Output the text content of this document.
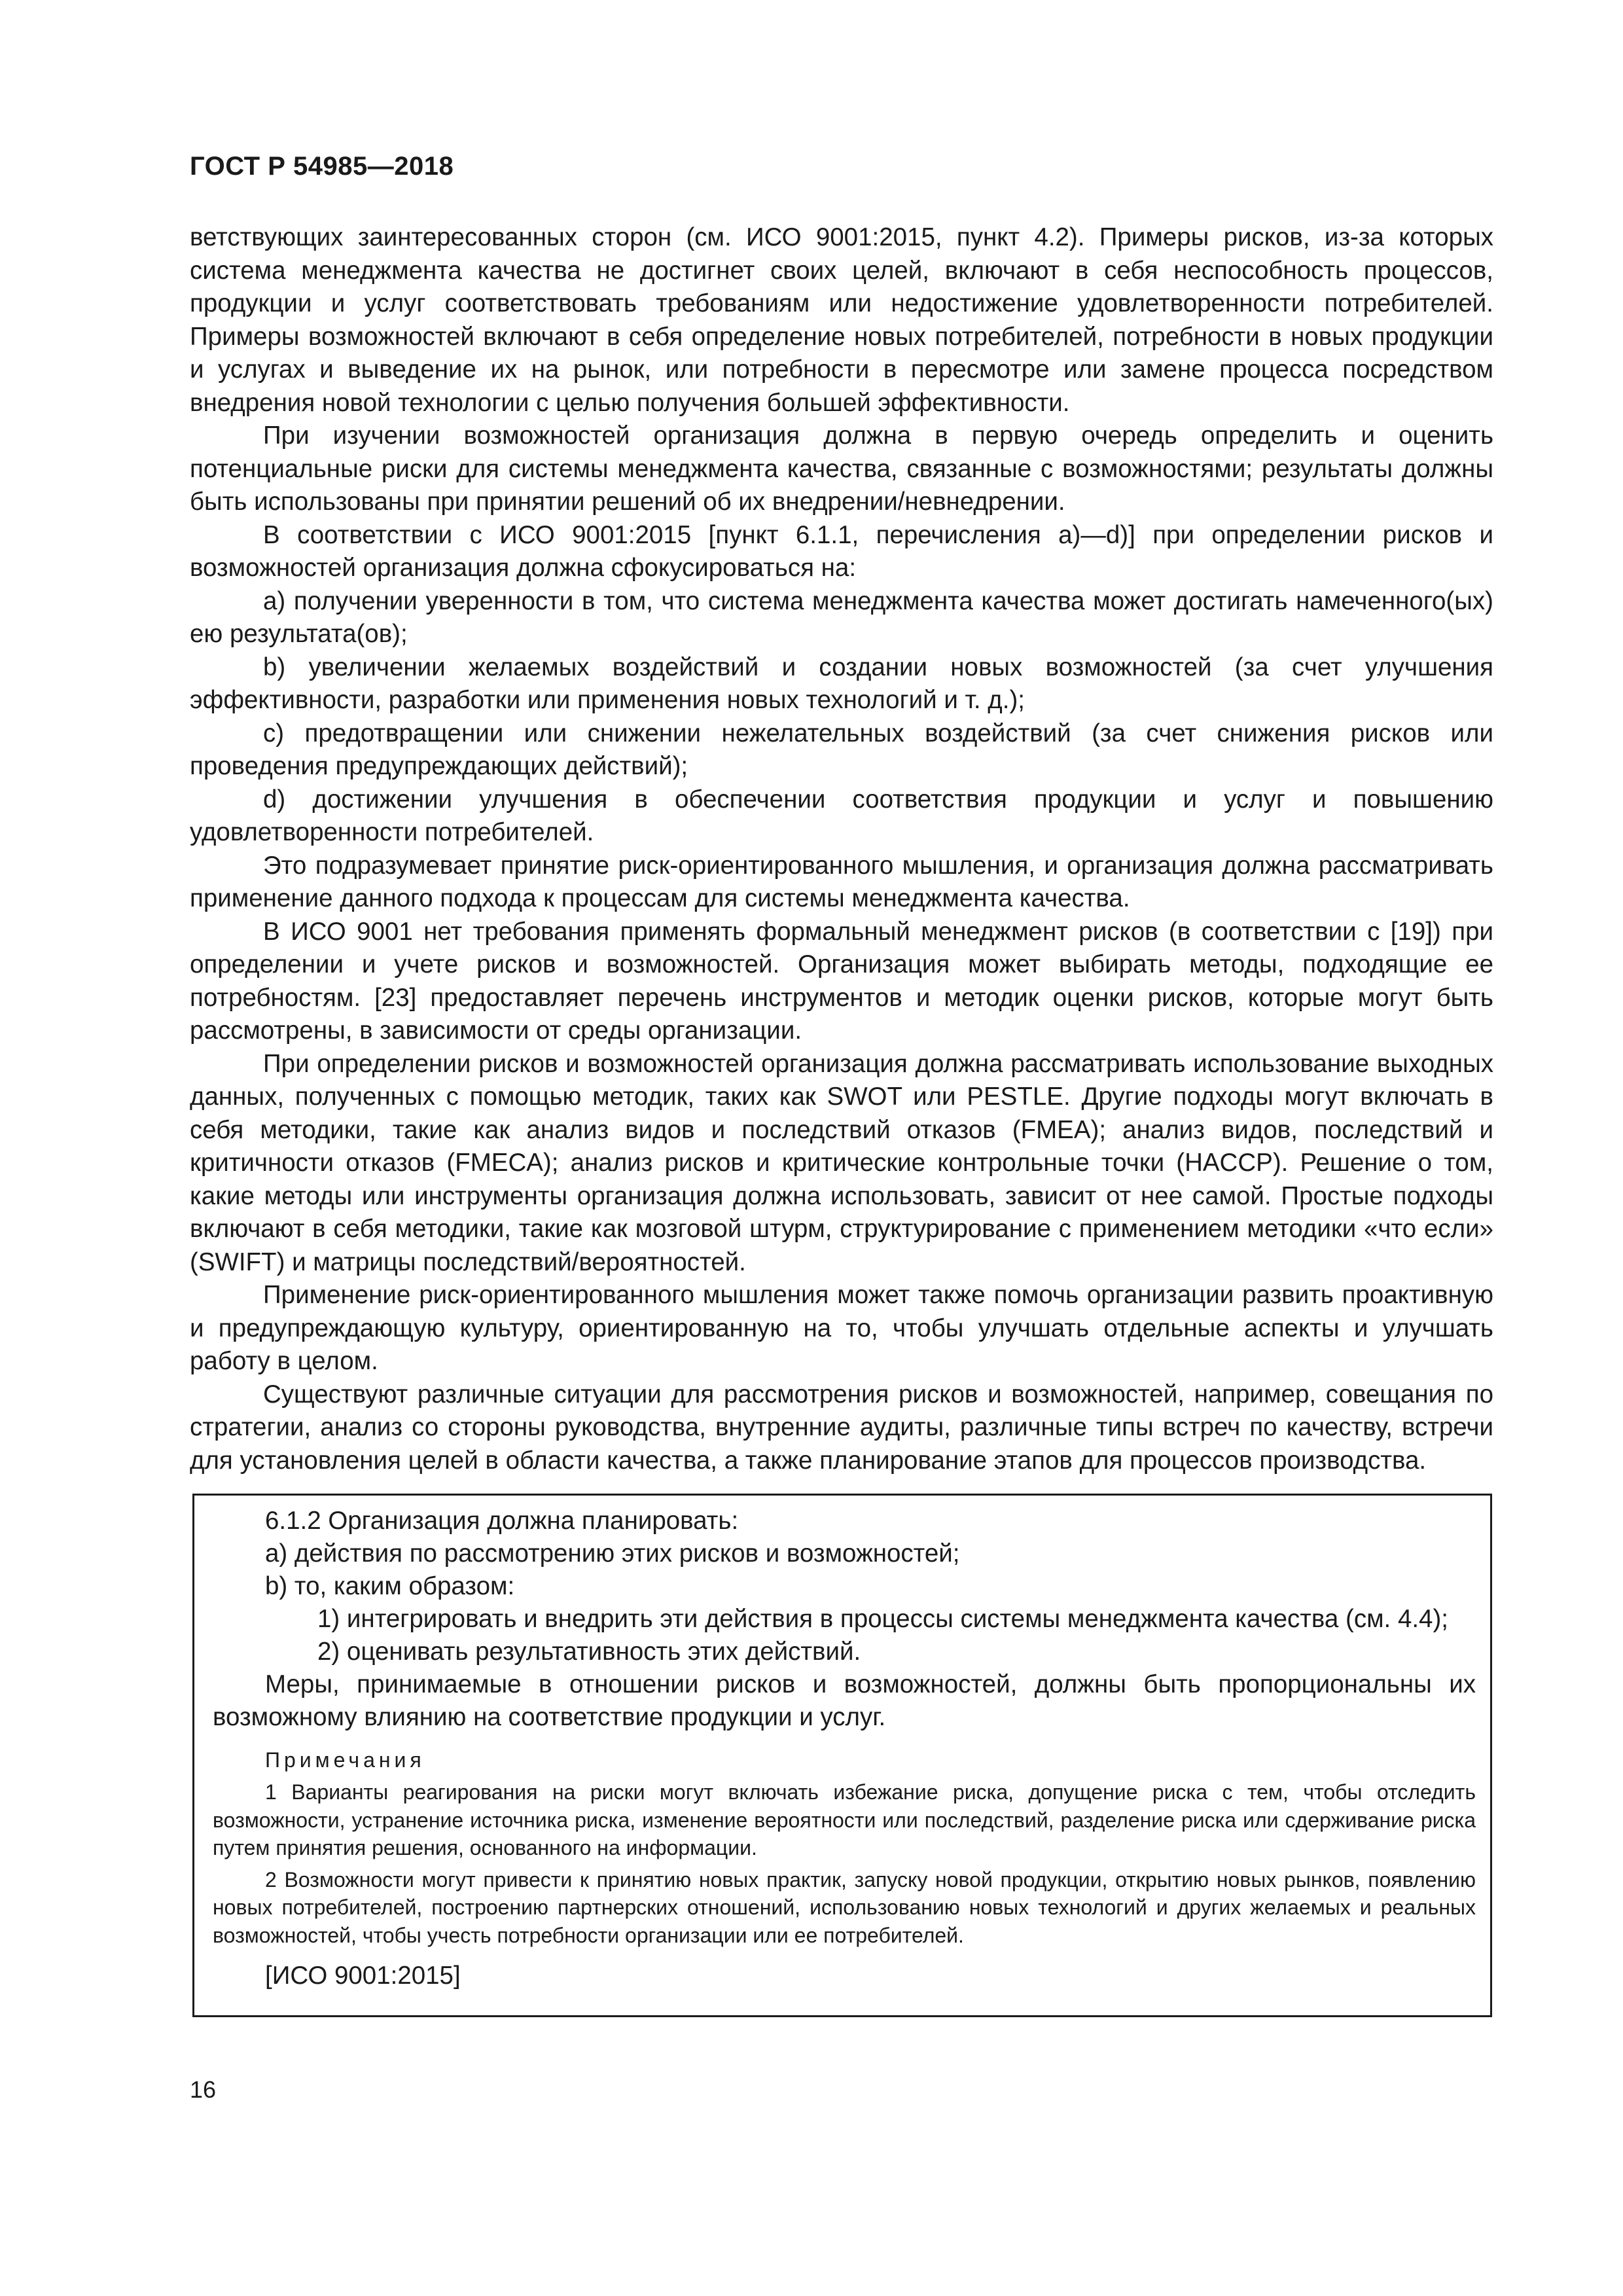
ГОСТ Р 54985—2018

ветствующих заинтересованных сторон (см. ИСО 9001:2015, пункт 4.2). Примеры рисков, из-за которых система менеджмента качества не достигнет своих целей, включают в себя неспособность процессов, продукции и услуг соответствовать требованиям или недостижение удовлетворенности потребителей. Примеры возможностей включают в себя определение новых потребителей, потребности в новых продукции и услугах и выведение их на рынок, или потребности в пересмотре или замене процесса посредством внедрения новой технологии с целью получения большей эффективности.

При изучении возможностей организация должна в первую очередь определить и оценить потенциальные риски для системы менеджмента качества, связанные с возможностями; результаты должны быть использованы при принятии решений об их внедрении/невнедрении.

В соответствии с ИСО 9001:2015 [пункт 6.1.1, перечисления а)—d)] при определении рисков и возможностей организация должна сфокусироваться на:

a) получении уверенности в том, что система менеджмента качества может достигать намеченного(ых) ею результата(ов);

b) увеличении желаемых воздействий и создании новых возможностей (за счет улучшения эффективности, разработки или применения новых технологий и т. д.);

c) предотвращении или снижении нежелательных воздействий (за счет снижения рисков или проведения предупреждающих действий);

d) достижении улучшения в обеспечении соответствия продукции и услуг и повышению удовлетворенности потребителей.

Это подразумевает принятие риск-ориентированного мышления, и организация должна рассматривать применение данного подхода к процессам для системы менеджмента качества.

В ИСО 9001 нет требования применять формальный менеджмент рисков (в соответствии с [19]) при определении и учете рисков и возможностей. Организация может выбирать методы, подходящие ее потребностям. [23] предоставляет перечень инструментов и методик оценки рисков, которые могут быть рассмотрены, в зависимости от среды организации.

При определении рисков и возможностей организация должна рассматривать использование выходных данных, полученных с помощью методик, таких как SWOT или PESTLE. Другие подходы могут включать в себя методики, такие как анализ видов и последствий отказов (FMEA); анализ видов, последствий и критичности отказов (FMECA); анализ рисков и критические контрольные точки (HACCP). Решение о том, какие методы или инструменты организация должна использовать, зависит от нее самой. Простые подходы включают в себя методики, такие как мозговой штурм, структурирование с применением методики «что если» (SWIFT) и матрицы последствий/вероятностей.

Применение риск-ориентированного мышления может также помочь организации развить проактивную и предупреждающую культуру, ориентированную на то, чтобы улучшать отдельные аспекты и улучшать работу в целом.

Существуют различные ситуации для рассмотрения рисков и возможностей, например, совещания по стратегии, анализ со стороны руководства, внутренние аудиты, различные типы встреч по качеству, встречи для установления целей в области качества, а также планирование этапов для процессов производства.

6.1.2 Организация должна планировать:

a) действия по рассмотрению этих рисков и возможностей;

b) то, каким образом:

1) интегрировать и внедрить эти действия в процессы системы менеджмента качества (см. 4.4);

2) оценивать результативность этих действий.

Меры, принимаемые в отношении рисков и возможностей, должны быть пропорциональны их возможному влиянию на соответствие продукции и услуг.

Примечания

1 Варианты реагирования на риски могут включать избежание риска, допущение риска с тем, чтобы отследить возможности, устранение источника риска, изменение вероятности или последствий, разделение риска или сдерживание риска путем принятия решения, основанного на информации.

2 Возможности могут привести к принятию новых практик, запуску новой продукции, открытию новых рынков, появлению новых потребителей, построению партнерских отношений, использованию новых технологий и других желаемых и реальных возможностей, чтобы учесть потребности организации или ее потребителей.

[ИСО 9001:2015]

16
